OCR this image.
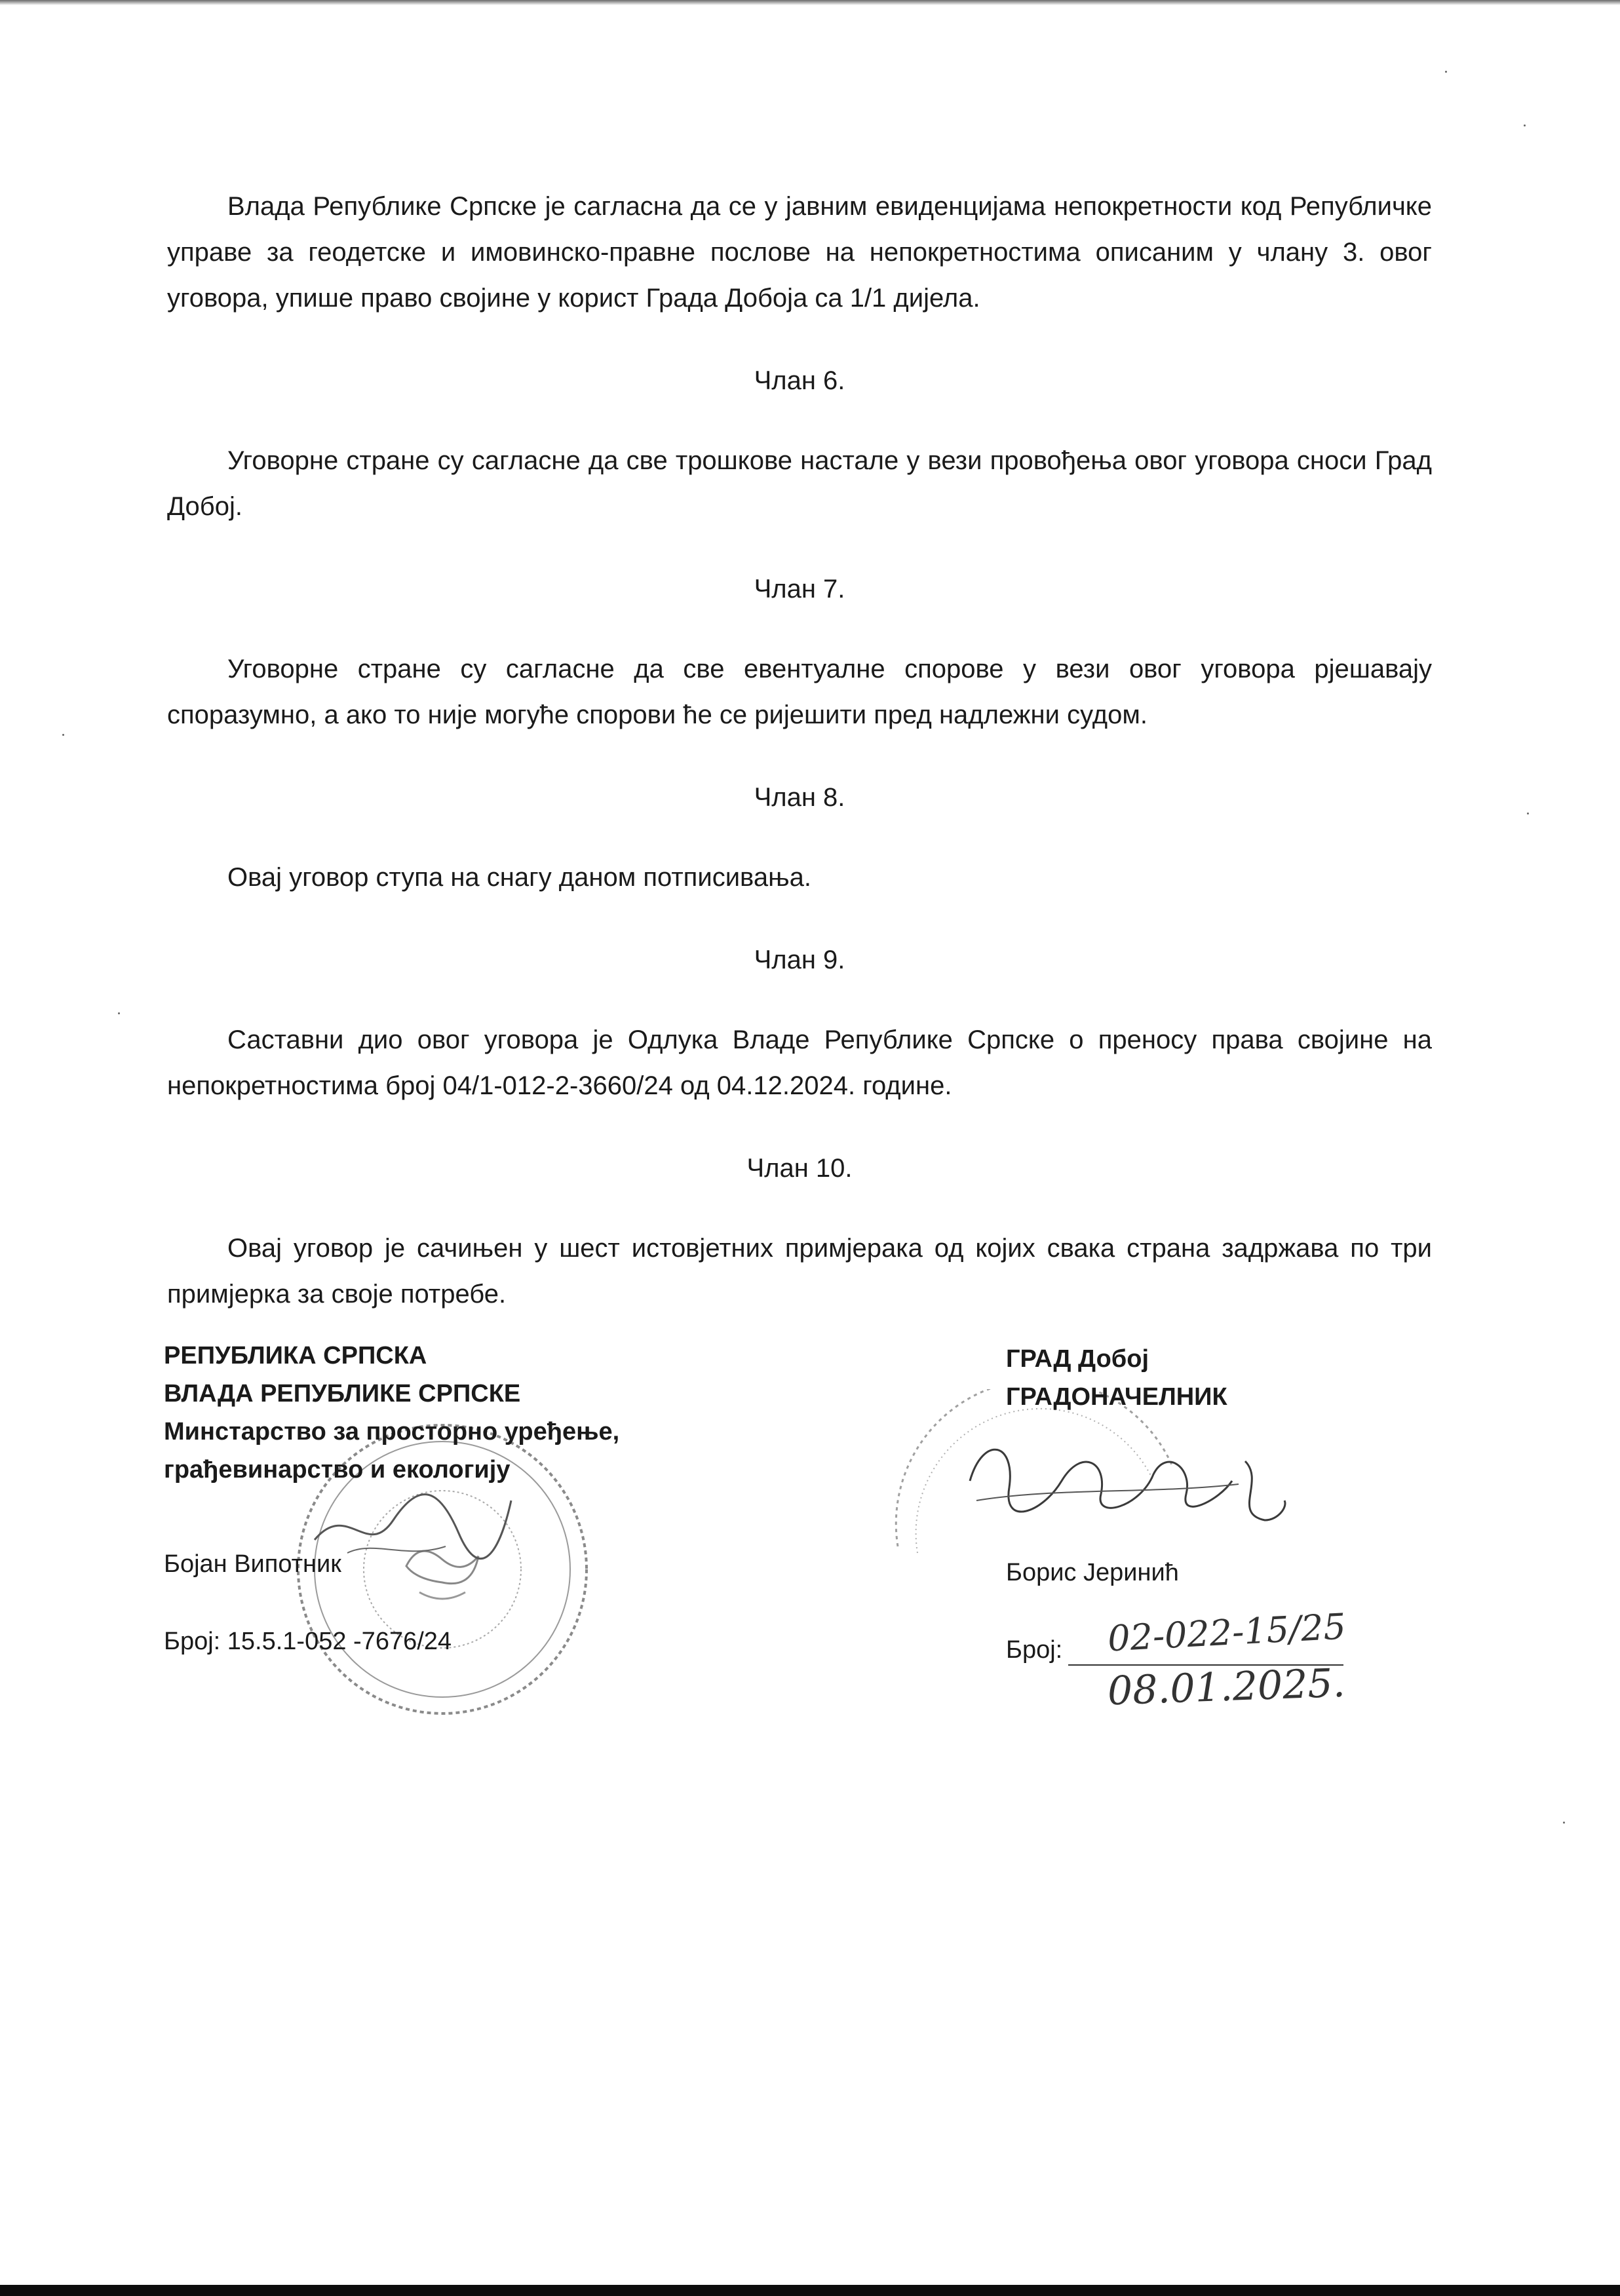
Влада Републике Српске је сагласна да се у јавним евиденцијама непокретности код Републичке управе за геодетске и имовинско-правне послове на непокретностима описаним у члану 3. овог уговора, упише право својине у корист Града Добоја са 1/1 дијела.

Члан 6.

Уговорне стране су сагласне да све трошкове настале у вези провођења овог уговора сноси Град Добој.

Члан 7.

Уговорне стране су сагласне да све евентуалне спорове у вези овог уговора рјешавају споразумно, а ако то није могуће спорови ће се ријешити пред надлежни судом.

Члан 8.

Овај уговор ступа на снагу даном потписивања.

Члан 9.

Саставни дио овог уговора је Одлука Владе Републике Српске о преносу права својине на непокретностима број 04/1-012-2-3660/24 од 04.12.2024. године.

Члан 10.

Овај уговор је сачињен у шест истовјетних примјерака од којих свака страна задржава по три примјерка за своје потребе.

РЕПУБЛИКА СРПСКА

ВЛАДА РЕПУБЛИКЕ СРПСКЕ

Минстарство за просторно уређење,

грађевинарство и екологију

Бојан Випотник

Број: 15.5.1-052 -7676/24

ГРАД Добој

ГРАДОНАЧЕЛНИК

Борис Јеринић

Број:	02-022-15/25
08.01.2025.
